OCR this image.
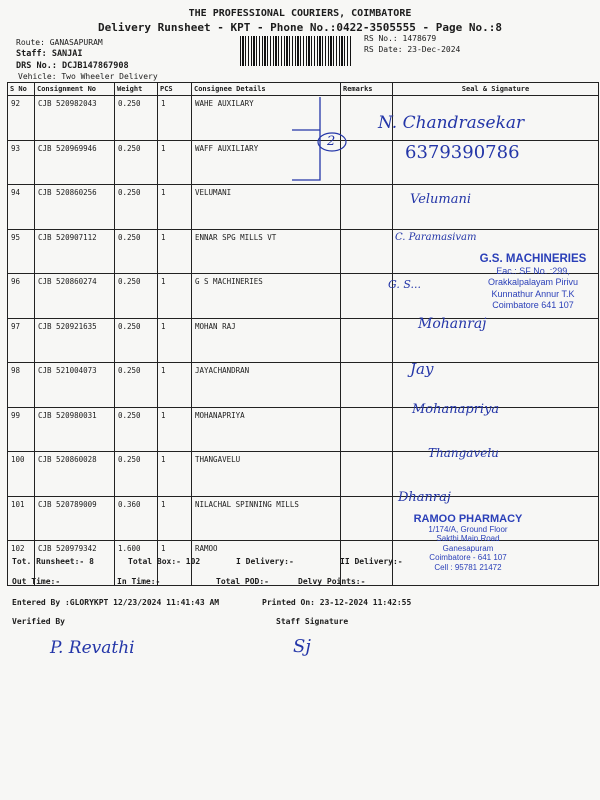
THE PROFESSIONAL COURIERS, COIMBATORE
Delivery Runsheet - KPT - Phone No.:0422-3505555 - Page No.:8
Route: GANASAPURAM
Staff: SANJAI
DRS No.: DCJB147867908
Vehicle: Two Wheeler Delivery
RS No.: 1478679
RS Date: 23-Dec-2024
S No	Consignment No	Weight	PCS	Consignee Details	Remarks	Seal & Signature
92	CJB 520982043	0.250	1	WAHE AUXILARY		
93	CJB 520969946	0.250	1	WAFF AUXILIARY		
94	CJB 520860256	0.250	1	VELUMANI		
95	CJB 520907112	0.250	1	ENNAR SPG MILLS VT		
96	CJB 520860274	0.250	1	G S MACHINERIES		
97	CJB 520921635	0.250	1	MOHAN RAJ		
98	CJB 521004073	0.250	1	JAYACHANDRAN		
99	CJB 520980031	0.250	1	MOHANAPRIYA		
100	CJB 520860028	0.250	1	THANGAVELU		
101	CJB 520789009	0.360	1	NILACHAL SPINNING MILLS		
102	CJB 520979342	1.600	1	RAMOO		
2
N. Chandrasekar
6379390786
Velumani
C. Paramasivam
G. S...
Mohanraj
Jay
Mohanapriya
Thangavelu
Dhanraj
G.S. MACHINERIES
Eac.: SF No. :299,
Orakkalpalayam Pirivu
Kunnathur Annur T.K
Coimbatore 641 107
RAMOO PHARMACY
1/174/A, Ground Floor
Sakthi Main Road
Ganesapuram
Coimbatore - 641 107
Cell : 95781 21472
Tot. Runsheet:- 8	Total Box:- 102	I Delivery:-	II Delivery:-
Out Time:-	In Time:-	Total POD:-	Delvy Points:-
Entered By :GLORYKPT 12/23/2024 11:41:43 AM	Printed On: 23-12-2024 11:42:55
Verified By	Staff Signature
P. Revathi	Sj
